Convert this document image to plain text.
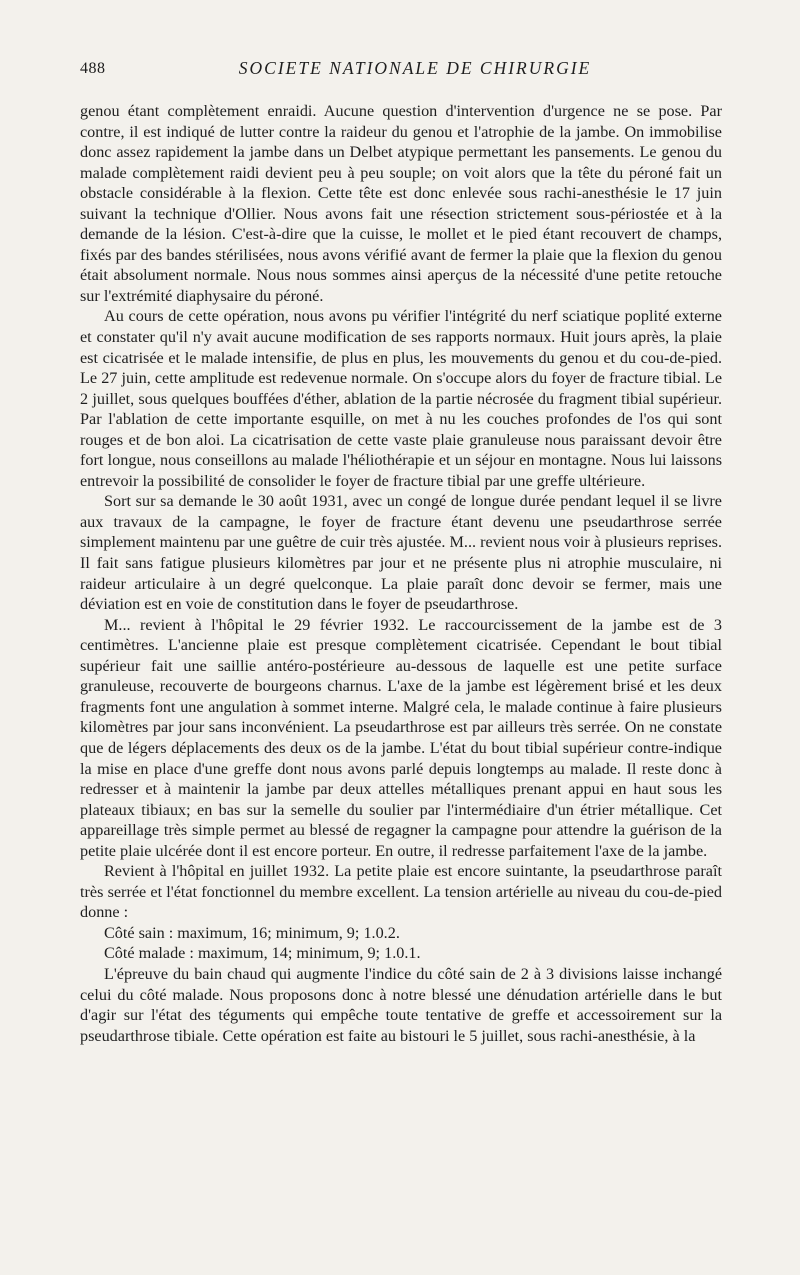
488	SOCIETE NATIONALE DE CHIRURGIE

genou étant complètement enraidi. Aucune question d'intervention d'urgence ne se pose. Par contre, il est indiqué de lutter contre la raideur du genou et l'atrophie de la jambe. On immobilise donc assez rapidement la jambe dans un Delbet atypique permettant les pansements. Le genou du malade complètement raidi devient peu à peu souple; on voit alors que la tête du péroné fait un obstacle considérable à la flexion. Cette tête est donc enlevée sous rachi-anesthésie le 17 juin suivant la technique d'Ollier. Nous avons fait une résection strictement sous-périostée et à la demande de la lésion. C'est-à-dire que la cuisse, le mollet et le pied étant recouvert de champs, fixés par des bandes stérilisées, nous avons vérifié avant de fermer la plaie que la flexion du genou était absolument normale. Nous nous sommes ainsi aperçus de la nécessité d'une petite retouche sur l'extrémité diaphysaire du péroné.

Au cours de cette opération, nous avons pu vérifier l'intégrité du nerf sciatique poplité externe et constater qu'il n'y avait aucune modification de ses rapports normaux. Huit jours après, la plaie est cicatrisée et le malade intensifie, de plus en plus, les mouvements du genou et du cou-de-pied. Le 27 juin, cette amplitude est redevenue normale. On s'occupe alors du foyer de fracture tibial. Le 2 juillet, sous quelques bouffées d'éther, ablation de la partie nécrosée du fragment tibial supérieur. Par l'ablation de cette importante esquille, on met à nu les couches profondes de l'os qui sont rouges et de bon aloi. La cicatrisation de cette vaste plaie granuleuse nous paraissant devoir être fort longue, nous conseillons au malade l'héliothérapie et un séjour en montagne. Nous lui laissons entrevoir la possibilité de consolider le foyer de fracture tibial par une greffe ultérieure.

Sort sur sa demande le 30 août 1931, avec un congé de longue durée pendant lequel il se livre aux travaux de la campagne, le foyer de fracture étant devenu une pseudarthrose serrée simplement maintenu par une guêtre de cuir très ajustée. M... revient nous voir à plusieurs reprises. Il fait sans fatigue plusieurs kilomètres par jour et ne présente plus ni atrophie musculaire, ni raideur articulaire à un degré quelconque. La plaie paraît donc devoir se fermer, mais une déviation est en voie de constitution dans le foyer de pseudarthrose.

M... revient à l'hôpital le 29 février 1932. Le raccourcissement de la jambe est de 3 centimètres. L'ancienne plaie est presque complètement cicatrisée. Cependant le bout tibial supérieur fait une saillie antéro-postérieure au-dessous de laquelle est une petite surface granuleuse, recouverte de bourgeons charnus. L'axe de la jambe est légèrement brisé et les deux fragments font une angulation à sommet interne. Malgré cela, le malade continue à faire plusieurs kilomètres par jour sans inconvénient. La pseudarthrose est par ailleurs très serrée. On ne constate que de légers déplacements des deux os de la jambe. L'état du bout tibial supérieur contre-indique la mise en place d'une greffe dont nous avons parlé depuis longtemps au malade. Il reste donc à redresser et à maintenir la jambe par deux attelles métalliques prenant appui en haut sous les plateaux tibiaux; en bas sur la semelle du soulier par l'intermédiaire d'un étrier métallique. Cet appareillage très simple permet au blessé de regagner la campagne pour attendre la guérison de la petite plaie ulcérée dont il est encore porteur. En outre, il redresse parfaitement l'axe de la jambe.

Revient à l'hôpital en juillet 1932. La petite plaie est encore suintante, la pseudarthrose paraît très serrée et l'état fonctionnel du membre excellent. La tension artérielle au niveau du cou-de-pied donne :

Côté sain : maximum, 16; minimum, 9; 1.0.2.

Côté malade : maximum, 14; minimum, 9; 1.0.1.

L'épreuve du bain chaud qui augmente l'indice du côté sain de 2 à 3 divisions laisse inchangé celui du côté malade. Nous proposons donc à notre blessé une dénudation artérielle dans le but d'agir sur l'état des téguments qui empêche toute tentative de greffe et accessoirement sur la pseudarthrose tibiale. Cette opération est faite au bistouri le 5 juillet, sous rachi-anesthésie, à la
